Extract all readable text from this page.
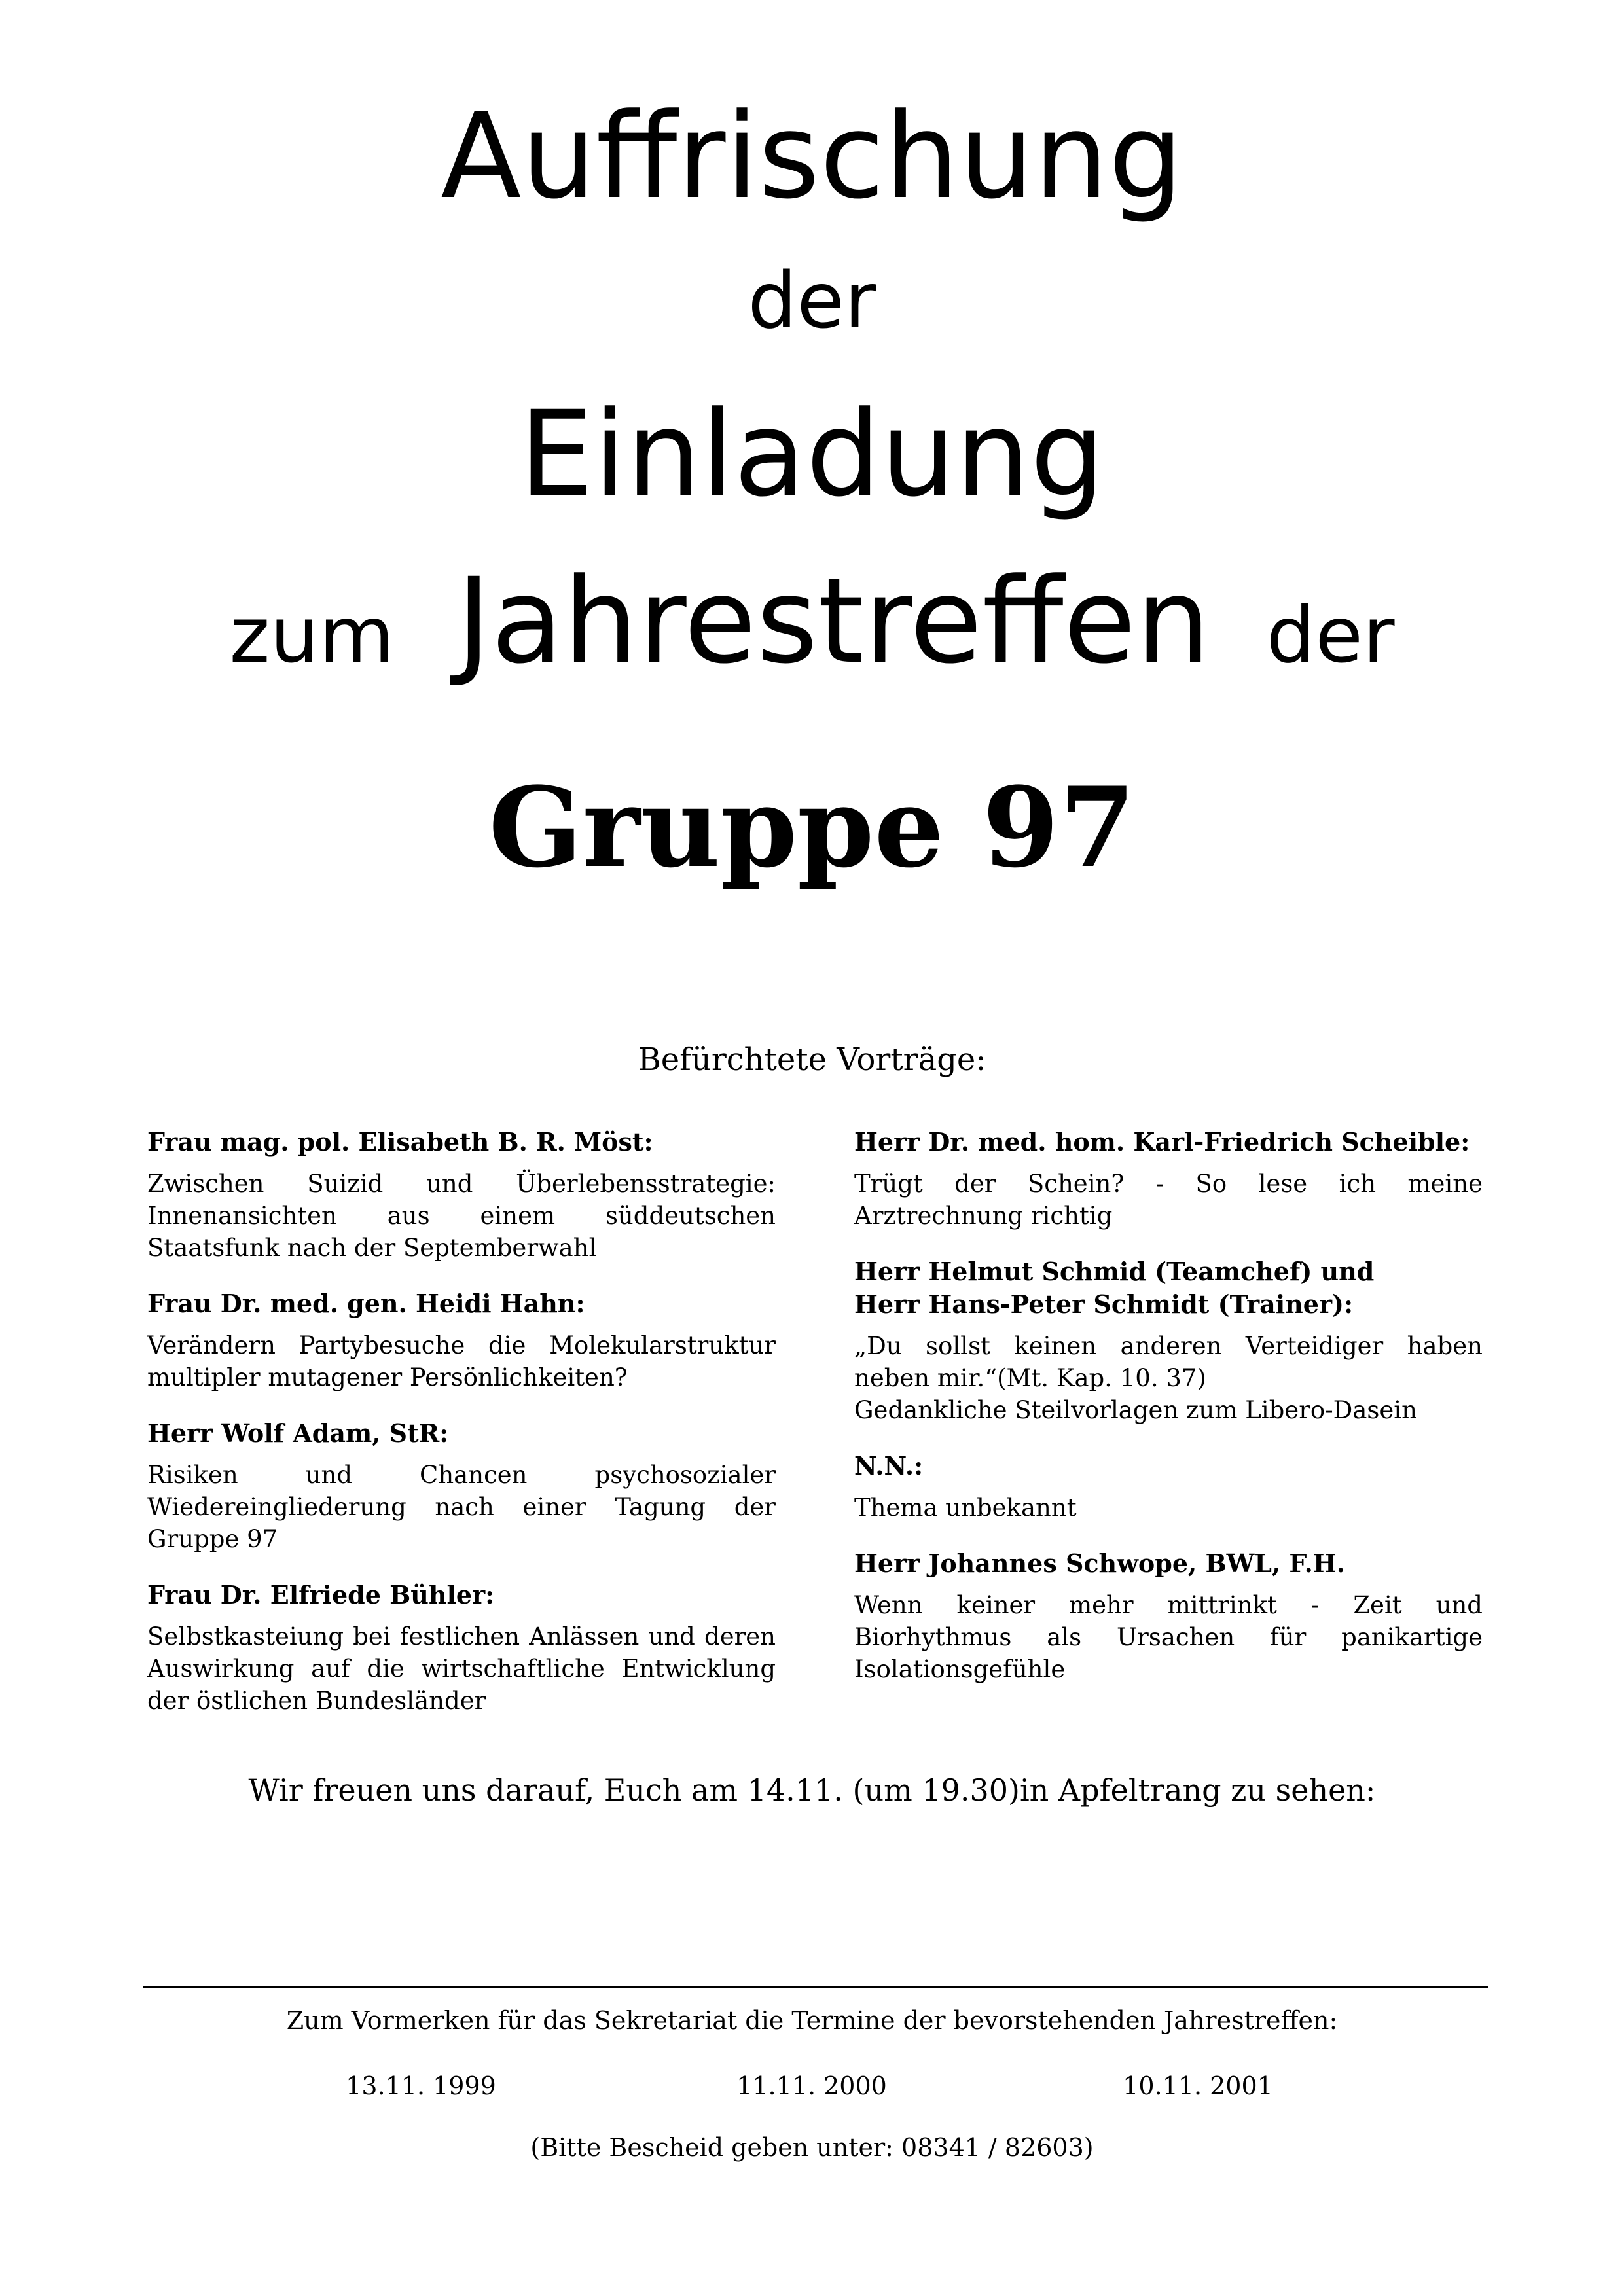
Auffrischung
der
Einladung
zum Jahrestreffen der
Gruppe 97
Befürchtete Vorträge:

Frau mag. pol. Elisabeth B. R. Möst:

Zwischen Suizid und Überlebensstrategie: Innenansichten aus einem süddeutschen Staatsfunk nach der Septemberwahl

Frau Dr. med. gen. Heidi Hahn:

Verändern Partybesuche die Molekularstruktur multipler mutagener Persönlichkeiten?

Herr Wolf Adam, StR:

Risiken und Chancen psychosozialer Wiedereingliederung nach einer Tagung der Gruppe 97

Frau Dr. Elfriede Bühler:

Selbstkasteiung bei festlichen Anlässen und deren Auswirkung auf die wirtschaftliche Entwicklung der östlichen Bundesländer

Herr Dr. med. hom. Karl-Friedrich Scheible:

Trügt der Schein? - So lese ich meine Arztrechnung richtig

Herr Helmut Schmid (Teamchef) und

Herr Hans-Peter Schmidt (Trainer):

„Du sollst keinen anderen Verteidiger haben neben mir.“(Mt. Kap. 10. 37)

Gedankliche Steilvorlagen zum Libero-Dasein

N.N.:

Thema unbekannt

Herr Johannes Schwope, BWL, F.H.

Wenn keiner mehr mittrinkt - Zeit und Biorhythmus als Ursachen für panikartige Isolationsgefühle

Wir freuen uns darauf, Euch am 14.11. (um 19.30)in Apfeltrang zu sehen:
Zum Vormerken für das Sekretariat die Termine der bevorstehenden Jahrestreffen:
13.11. 1999	11.11. 2000	10.11. 2001
(Bitte Bescheid geben unter: 08341 / 82603)
